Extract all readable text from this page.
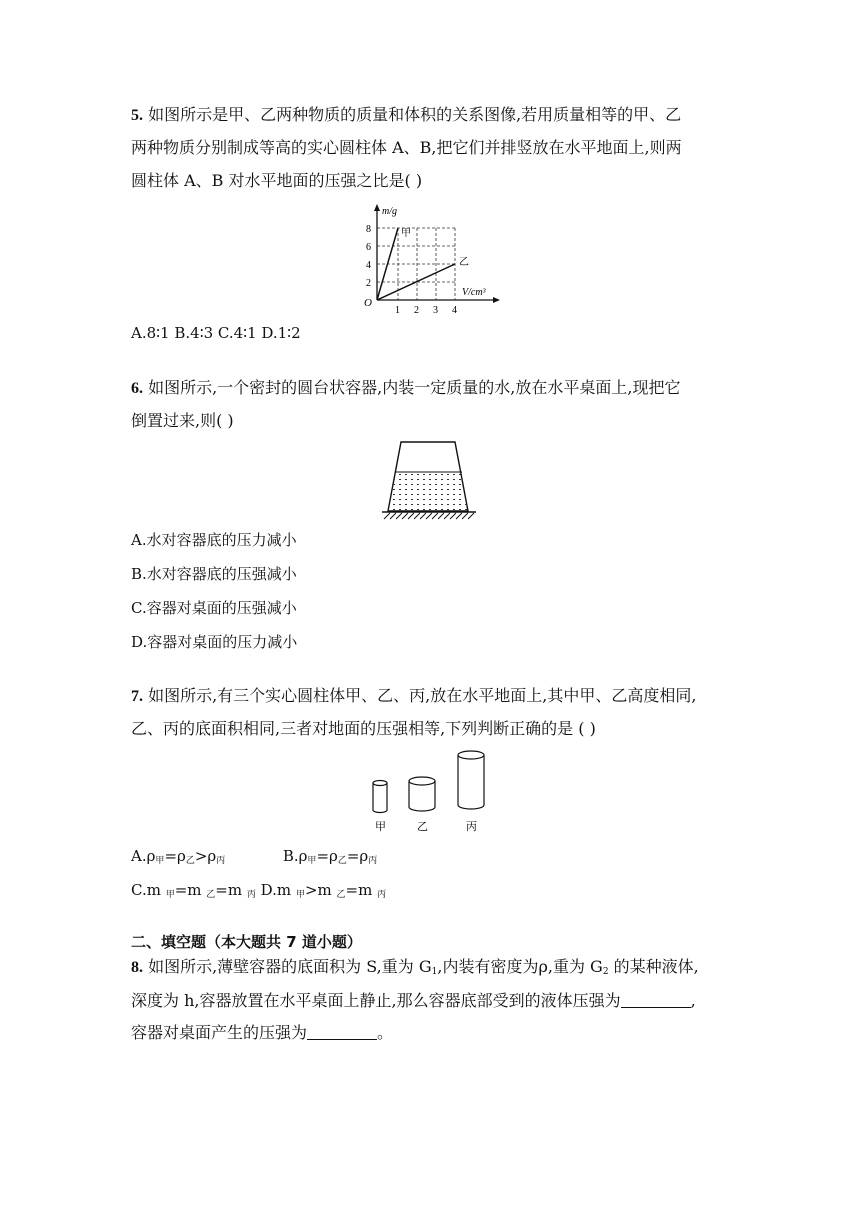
5. 如图所示是甲、乙两种物质的质量和体积的关系图像,若用质量相等的甲、乙
两种物质分别制成等高的实心圆柱体 A、B,把它们并排竖放在水平地面上,则两
圆柱体 A、B 对水平地面的压强之比是( )
m/g
V/cm³
O
甲
乙
2
4
6
8
1 2 3 4
A.8∶1 B.4∶3 C.4∶1 D.1∶2
6. 如图所示,一个密封的圆台状容器,内装一定质量的水,放在水平桌面上,现把它
倒置过来,则( )
A.水对容器底的压力减小
B.水对容器底的压强减小
C.容器对桌面的压强减小
D.容器对桌面的压力减小
7. 如图所示,有三个实心圆柱体甲、乙、丙,放在水平地面上,其中甲、乙高度相同,
乙、丙的底面积相同,三者对地面的压强相等,下列判断正确的是 ( )
甲	乙	丙
$A.\rho_甲=\rho_乙>\rho_丙$	$B.\rho_甲=\rho_乙=\rho_丙$
C.m $_甲$=m $_乙$=m $_丙$ D.m $_甲$>m $_乙$=m $_丙$
二、填空题（本大题共 7 道小题）
8. 如图所示,薄壁容器的底面积为 S,重为 $G_1$,内装有密度为ρ,重为 $G_2$ 的某种液体,
深度为 h,容器放置在水平桌面上静止,那么容器底部受到的液体压强为	,
容器对桌面产生的压强为	。
